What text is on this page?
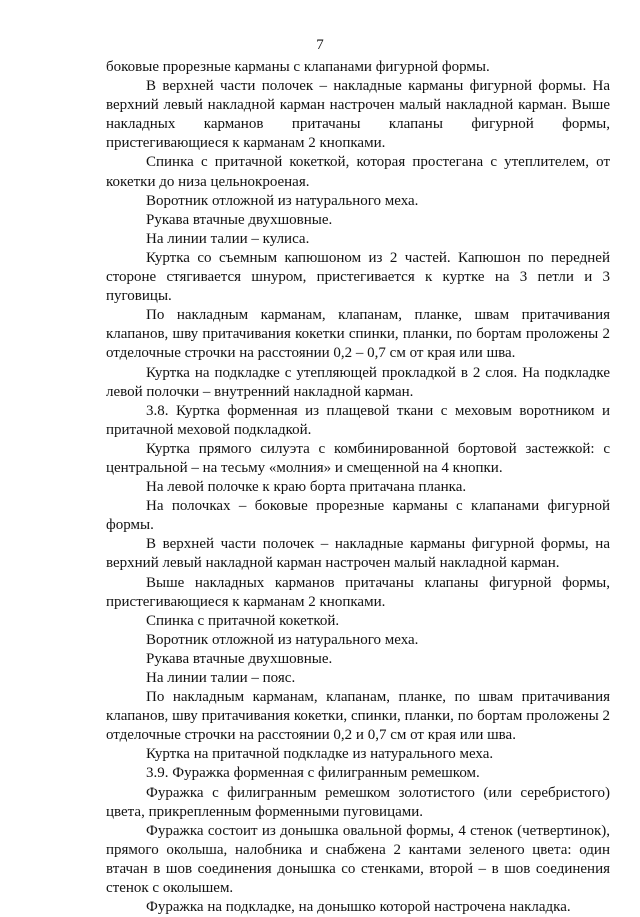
7

боковые прорезные карманы с клапанами фигурной формы.

В верхней части полочек – накладные карманы фигурной формы. На верхний левый накладной карман настрочен малый накладной карман. Выше накладных карманов притачаны клапаны фигурной формы, пристегивающиеся к карманам 2 кнопками.

Спинка с притачной кокеткой, которая простегана с утеплителем, от кокетки до низа цельнокроеная.

Воротник отложной из натурального меха.

Рукава втачные двухшовные.

На линии талии – кулиса.

Куртка со съемным капюшоном из 2 частей. Капюшон по передней стороне стягивается шнуром, пристегивается к куртке на 3 петли и 3 пуговицы.

По накладным карманам, клапанам, планке, швам притачивания клапанов, шву притачивания кокетки спинки, планки, по бортам проложены 2 отделочные строчки на расстоянии 0,2 – 0,7 см от края или шва.

Куртка на подкладке с утепляющей прокладкой в 2 слоя. На подкладке левой полочки – внутренний накладной карман.

3.8. Куртка форменная из плащевой ткани с меховым воротником и притачной меховой подкладкой.

Куртка прямого силуэта с комбинированной бортовой застежкой: с центральной – на тесьму «молния» и смещенной на 4 кнопки.

На левой полочке к краю борта притачана планка.

На полочках – боковые прорезные карманы с клапанами фигурной формы.

В верхней части полочек – накладные карманы фигурной формы, на верхний левый накладной карман настрочен малый накладной карман.

Выше накладных карманов притачаны клапаны фигурной формы, пристегивающиеся к карманам 2 кнопками.

Спинка с притачной кокеткой.

Воротник отложной из натурального меха.

Рукава втачные двухшовные.

На линии талии – пояс.

По накладным карманам, клапанам, планке, по швам притачивания клапанов, шву притачивания кокетки, спинки, планки, по бортам проложены 2 отделочные строчки на расстоянии 0,2 и 0,7 см от края или шва.

Куртка на притачной подкладке из натурального меха.

3.9. Фуражка форменная с филигранным ремешком.

Фуражка с филигранным ремешком золотистого (или серебристого) цвета, прикрепленным форменными пуговицами.

Фуражка состоит из донышка овальной формы, 4 стенок (четвертинок), прямого околыша, налобника и снабжена 2 кантами зеленого цвета: один втачан в шов соединения донышка со стенками, второй – в шов соединения стенок с околышем.

Фуражка на подкладке, на донышко которой настрочена накладка.
